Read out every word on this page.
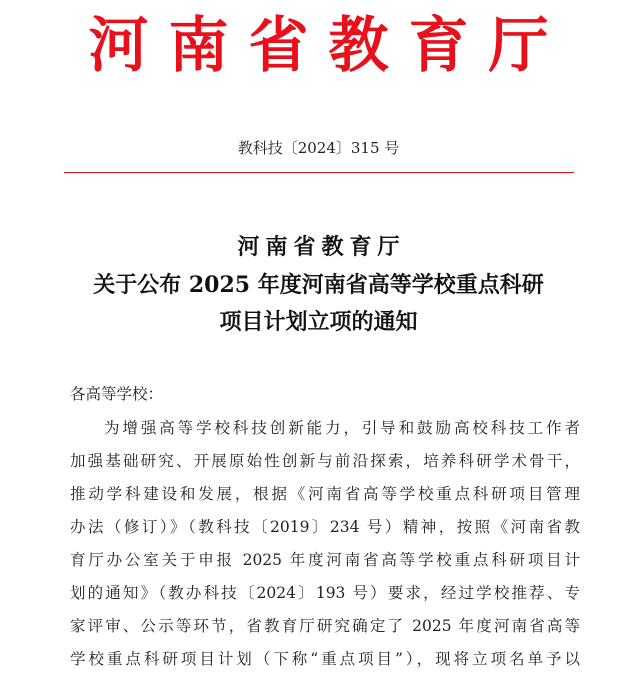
河南省教育厅
教科技〔2024〕315 号
河南省教育厅
关于公布 2025 年度河南省高等学校重点科研
项目计划立项的通知
各高等学校：
为增强高等学校科技创新能力，引导和鼓励高校科技工作者
加强基础研究、开展原始性创新与前沿探索，培养科研学术骨干，
推动学科建设和发展，根据《河南省高等学校重点科研项目管理
办法（修订）》（教科技〔2019〕234 号）精神，按照《河南省教
育厅办公室关于申报 2025 年度河南省高等学校重点科研项目计
划的通知》（教办科技〔2024〕193 号）要求，经过学校推荐、专
家评审、公示等环节，省教育厅研究确定了 2025 年度河南省高等
学校重点科研项目计划（下称“重点项目”），现将立项名单予以
